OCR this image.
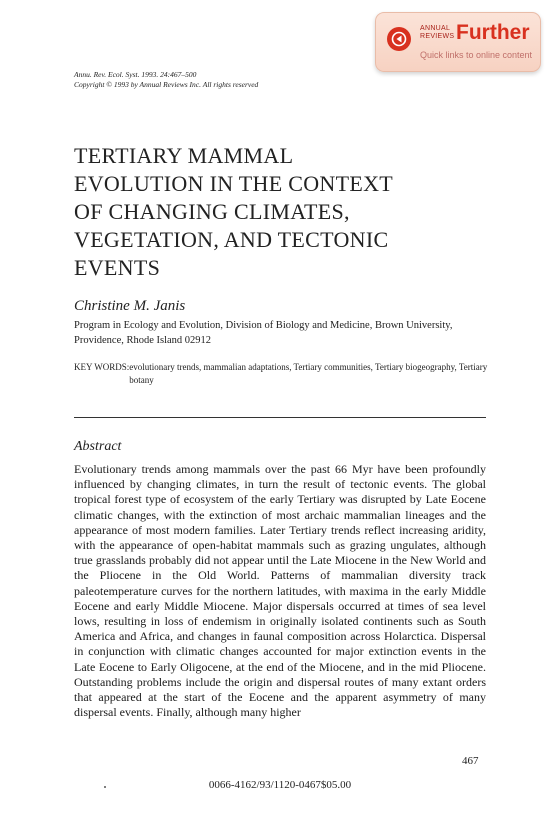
ANNUAL
REVIEWS Further
Quick links to online content
Annu. Rev. Ecol. Syst. 1993. 24:467–500
Copyright © 1993 by Annual Reviews Inc. All rights reserved
TERTIARY MAMMAL EVOLUTION IN THE CONTEXT OF CHANGING CLIMATES, VEGETATION, AND TECTONIC EVENTS
Christine M. Janis
Program in Ecology and Evolution, Division of Biology and Medicine, Brown University, Providence, Rhode Island 02912
KEY WORDS: evolutionary trends, mammalian adaptations, Tertiary communities, Tertiary biogeography, Tertiary botany
Abstract
Evolutionary trends among mammals over the past 66 Myr have been profoundly influenced by changing climates, in turn the result of tectonic events. The global tropical forest type of ecosystem of the early Tertiary was disrupted by Late Eocene climatic changes, with the extinction of most archaic mammalian lineages and the appearance of most modern families. Later Tertiary trends reflect increasing aridity, with the appearance of open-habitat mammals such as grazing ungulates, although true grasslands probably did not appear until the Late Miocene in the New World and the Pliocene in the Old World. Patterns of mammalian diversity track paleotemperature curves for the northern latitudes, with maxima in the early Middle Eocene and early Middle Miocene. Major dispersals occurred at times of sea level lows, resulting in loss of endemism in originally isolated continents such as South America and Africa, and changes in faunal composition across Holarctica. Dispersal in conjunction with climatic changes accounted for major extinction events in the Late Eocene to Early Oligocene, at the end of the Miocene, and in the mid Pliocene. Outstanding problems include the origin and dispersal routes of many extant orders that appeared at the start of the Eocene and the apparent asymmetry of many dispersal events. Finally, although many higher
467
0066-4162/93/1120-0467$05.00
